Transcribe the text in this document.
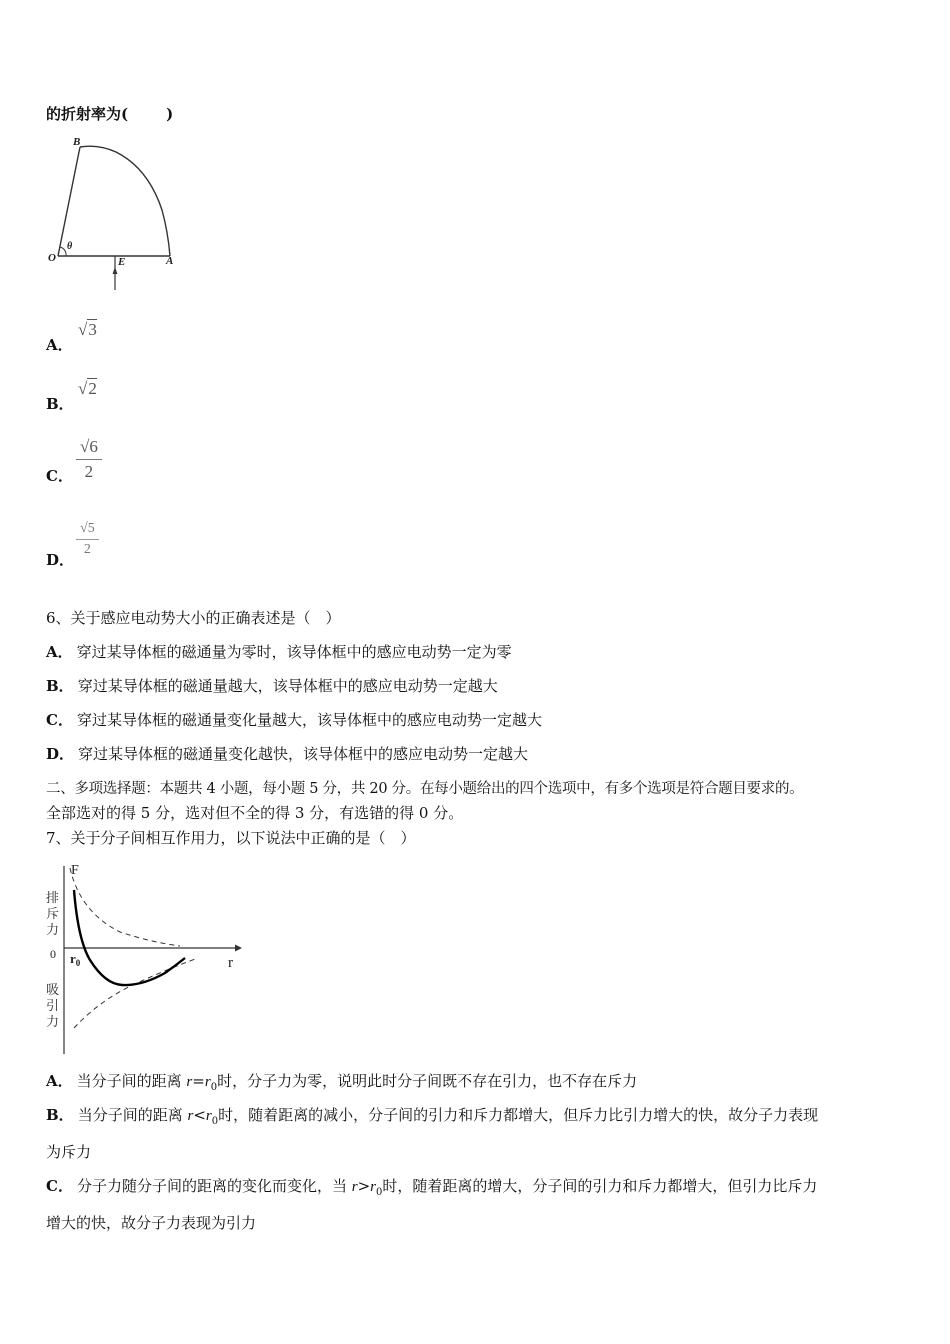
的折射率为(	)
B
O
θ
E	A
A．
√3
B．
√2
C． $\frac{√6}{2}$
D．
$\frac{√5}{2}$
6、关于感应电动势大小的正确表述是（　）
A． 穿过某导体框的磁通量为零时，该导体框中的感应电动势一定为零
B． 穿过某导体框的磁通量越大，该导体框中的感应电动势一定越大
C． 穿过某导体框的磁通量变化量越大，该导体框中的感应电动势一定越大
D． 穿过某导体框的磁通量变化越快，该导体框中的感应电动势一定越大
二、多项选择题：本题共 4 小题，每小题 5 分，共 20 分。在每小题给出的四个选项中，有多个选项是符合题目要求的。
全部选对的得 5 分，选对但不全的得 3 分，有选错的得 0 分。
7、关于分子间相互作用力，以下说法中正确的是（　）
F
r
0 $r_0$
排
斥
力
吸
引
力
A． 当分子间的距离 $r=r_0$时，分子力为零，说明此时分子间既不存在引力，也不存在斥力
B． 当分子间的距离 $r<r_0$时，随着距离的减小，分子间的引力和斥力都增大，但斥力比引力增大的快，故分子力表现
为斥力
C． 分子力随分子间的距离的变化而变化，当 $r>r_0$时，随着距离的增大，分子间的引力和斥力都增大，但引力比斥力
增大的快，故分子力表现为引力
